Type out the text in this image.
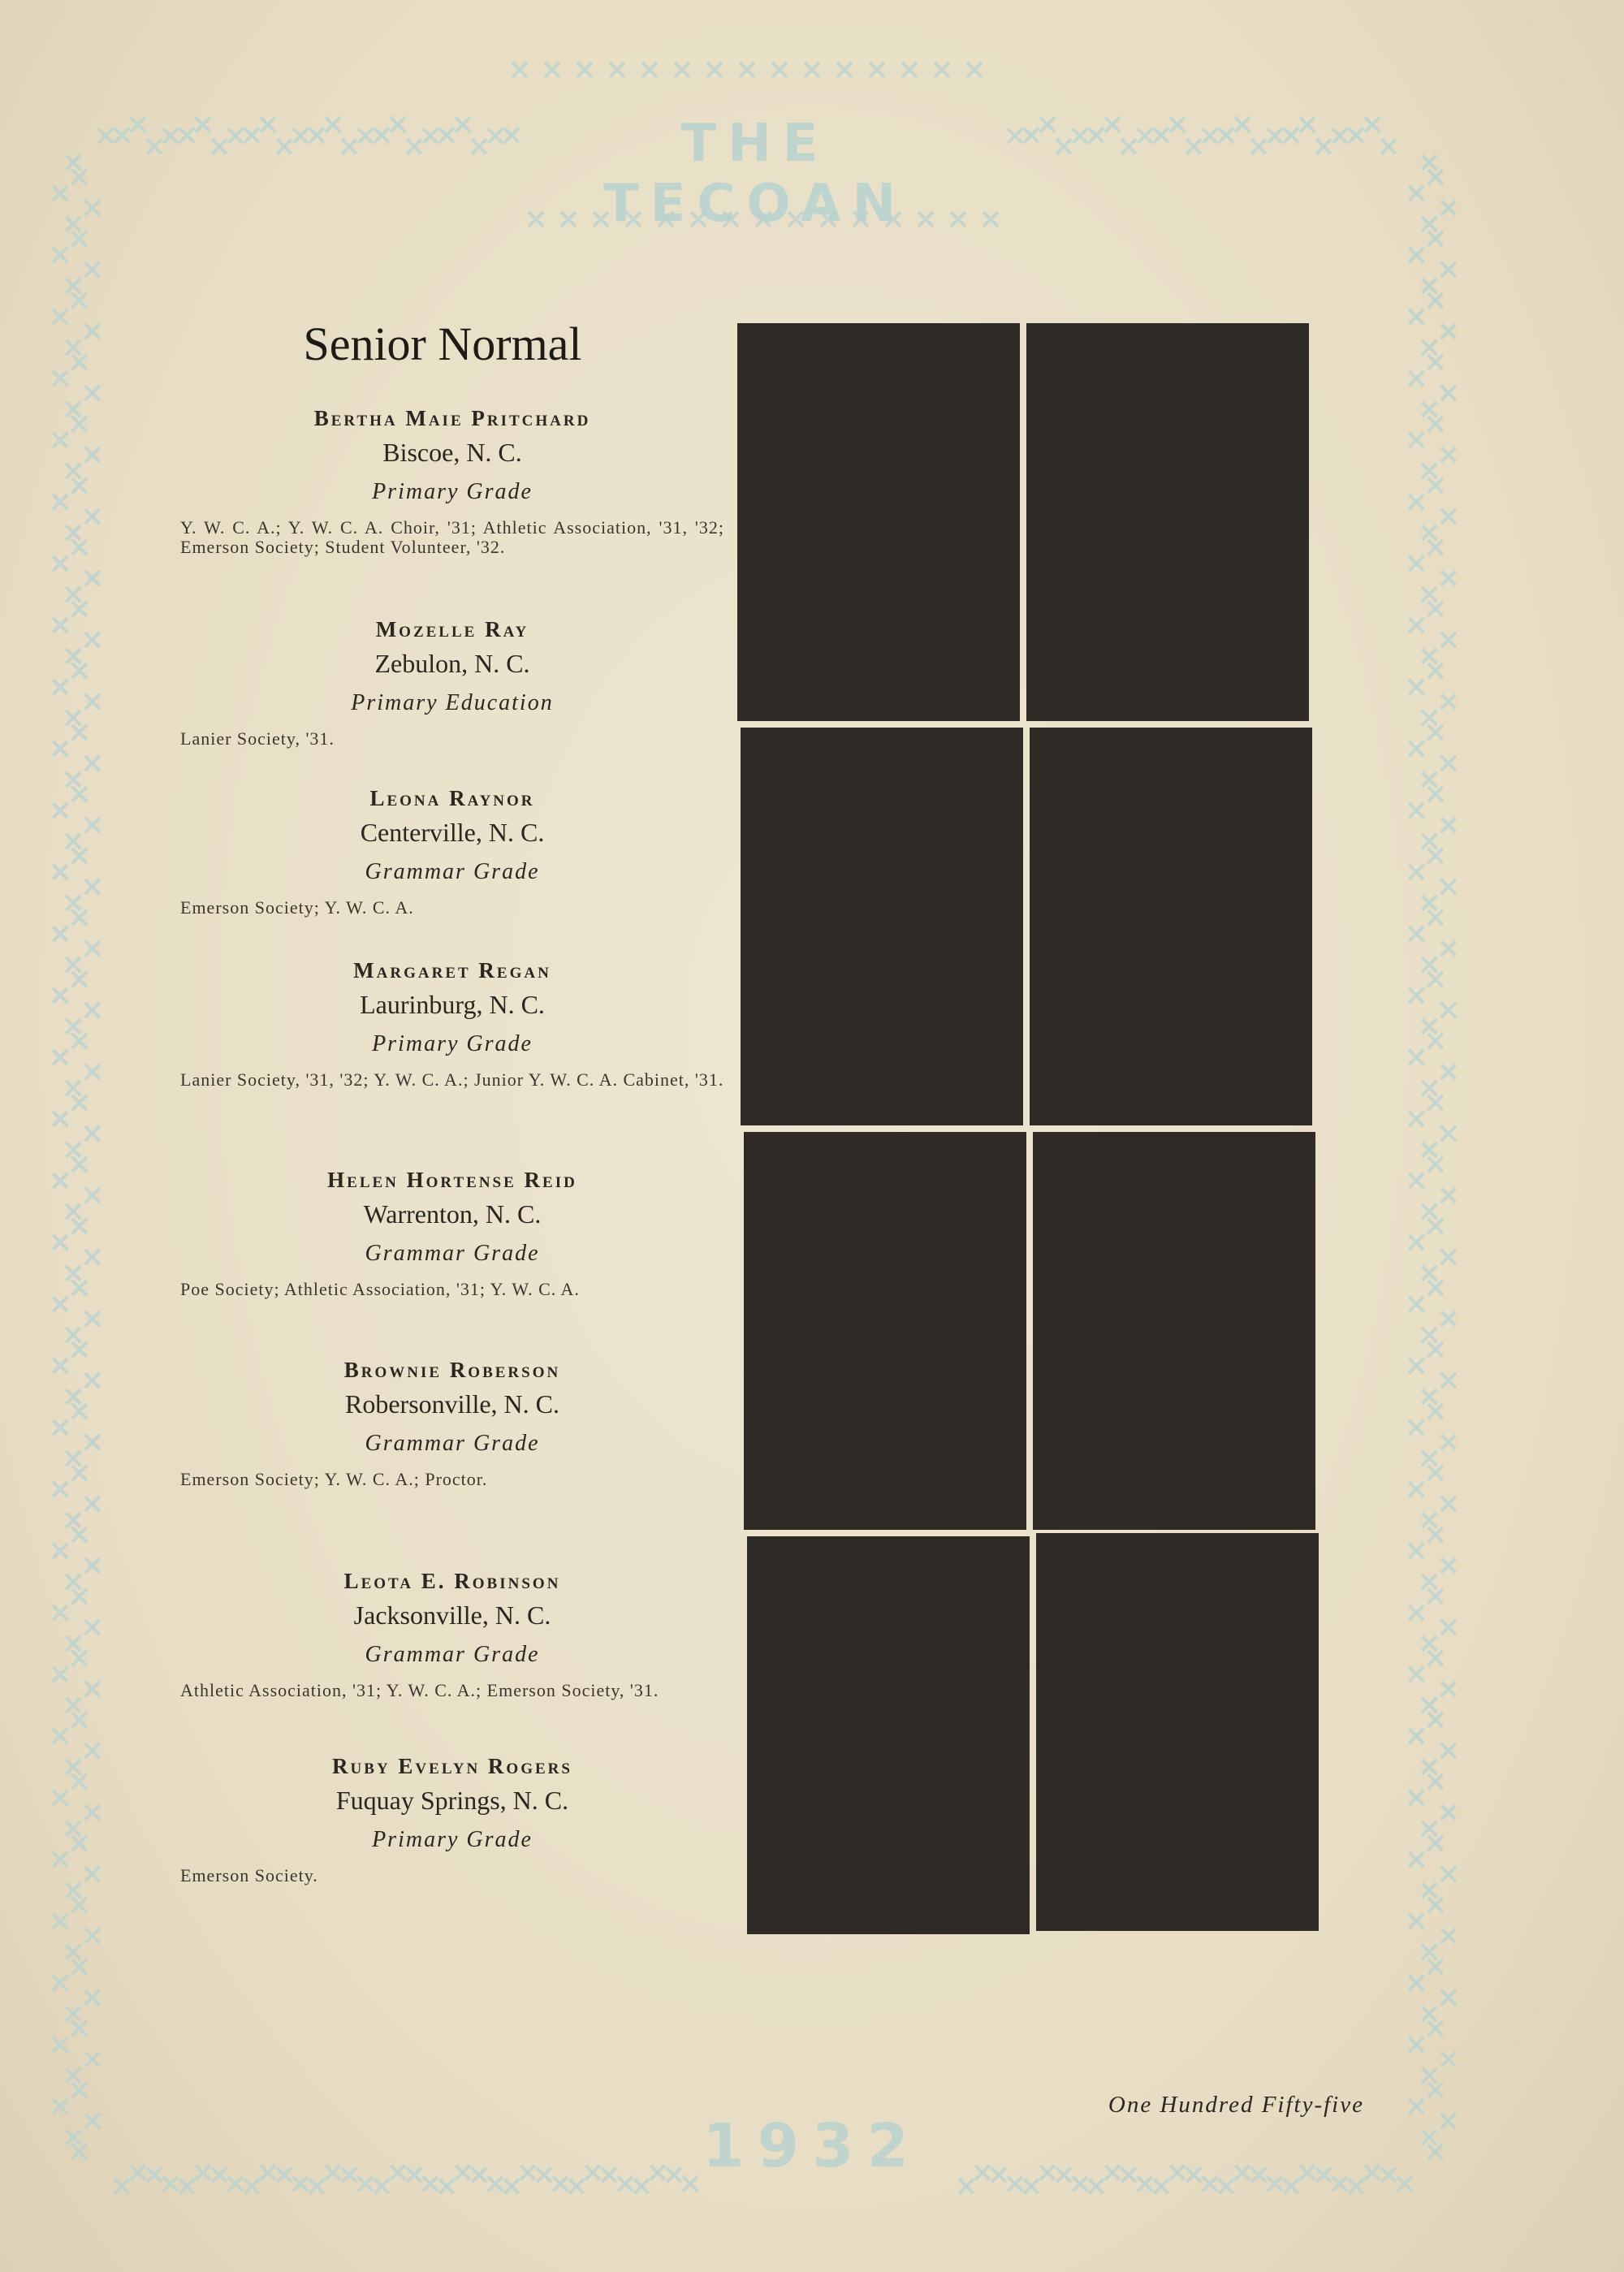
THE TECOAN
1932
Senior Normal
Bertha Maie Pritchard
Biscoe, N. C.
Primary Grade
Y. W. C. A.; Y. W. C. A. Choir, '31; Athletic Association, '31, '32; Emerson Society; Student Volunteer, '32.
Mozelle Ray
Zebulon, N. C.
Primary Education
Lanier Society, '31.
Leona Raynor
Centerville, N. C.
Grammar Grade
Emerson Society; Y. W. C. A.
Margaret Regan
Laurinburg, N. C.
Primary Grade
Lanier Society, '31, '32; Y. W. C. A.; Junior Y. W. C. A. Cabinet, '31.
Helen Hortense Reid
Warrenton, N. C.
Grammar Grade
Poe Society; Athletic Association, '31; Y. W. C. A.
Brownie Roberson
Robersonville, N. C.
Grammar Grade
Emerson Society; Y. W. C. A.; Proctor.
Leota E. Robinson
Jacksonville, N. C.
Grammar Grade
Athletic Association, '31; Y. W. C. A.; Emerson Society, '31.
Ruby Evelyn Rogers
Fuquay Springs, N. C.
Primary Grade
Emerson Society.
One Hundred Fifty-five
